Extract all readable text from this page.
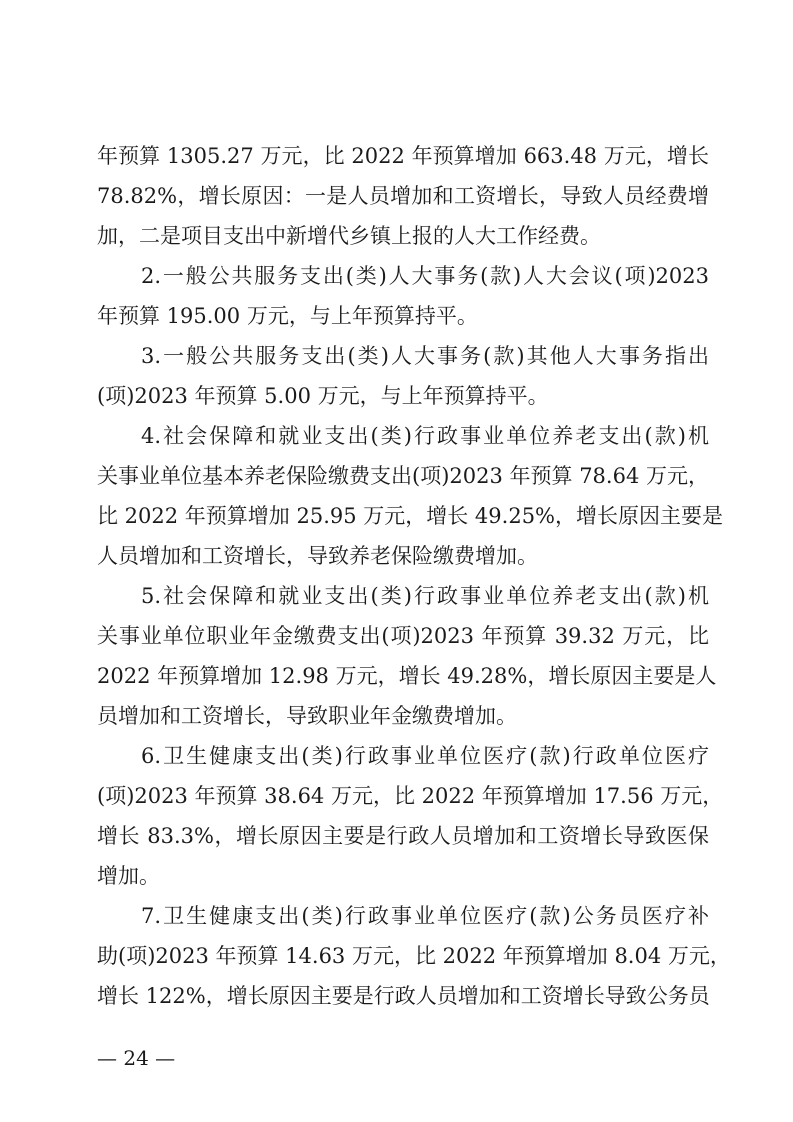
年预算 1305.27 万元，比 2022 年预算增加 663.48 万元，增长
78.82%，增长原因：一是人员增加和工资增长，导致人员经费增
加，二是项目支出中新增代乡镇上报的人大工作经费。

2.一般公共服务支出(类)人大事务(款)人大会议(项)2023
年预算 195.00 万元，与上年预算持平。

3.一般公共服务支出(类)人大事务(款)其他人大事务指出
(项)2023 年预算 5.00 万元，与上年预算持平。

4.社会保障和就业支出(类)行政事业单位养老支出(款)机
关事业单位基本养老保险缴费支出(项)2023 年预算 78.64 万元，
比 2022 年预算增加 25.95 万元，增长 49.25%，增长原因主要是
人员增加和工资增长，导致养老保险缴费增加。

5.社会保障和就业支出(类)行政事业单位养老支出(款)机
关事业单位职业年金缴费支出(项)2023 年预算 39.32 万元，比
2022 年预算增加 12.98 万元，增长 49.28%，增长原因主要是人
员增加和工资增长，导致职业年金缴费增加。

6.卫生健康支出(类)行政事业单位医疗(款)行政单位医疗
(项)2023 年预算 38.64 万元，比 2022 年预算增加 17.56 万元，
增长 83.3%，增长原因主要是行政人员增加和工资增长导致医保
增加。

7.卫生健康支出(类)行政事业单位医疗(款)公务员医疗补
助(项)2023 年预算 14.63 万元，比 2022 年预算增加 8.04 万元，
增长 122%，增长原因主要是行政人员增加和工资增长导致公务员

— 24 —
